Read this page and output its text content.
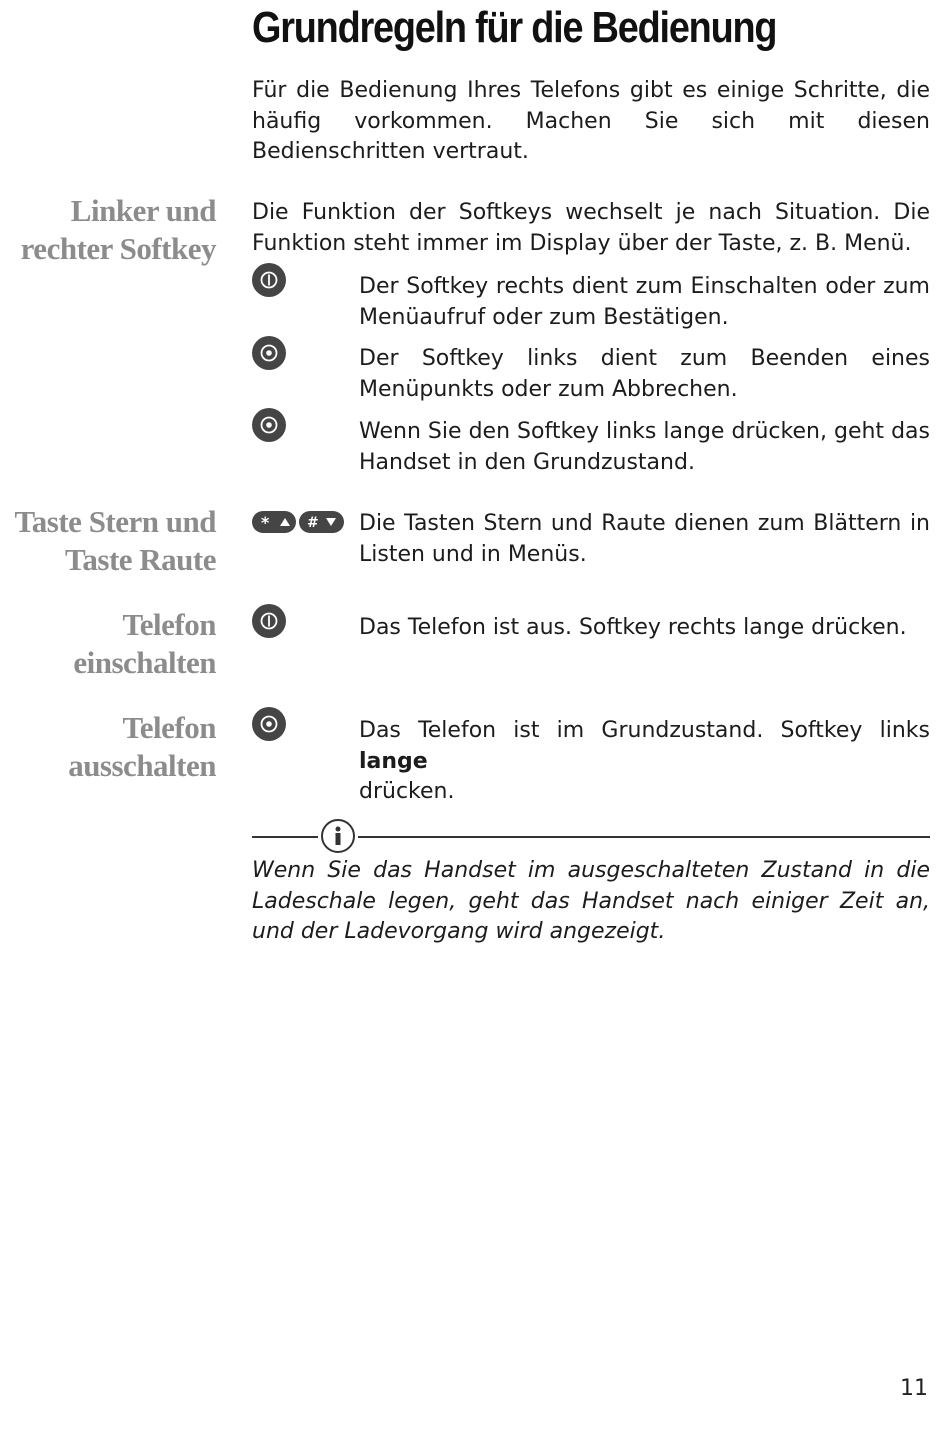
Grundregeln für die Bedienung
Für die Bedienung Ihres Telefons gibt es einige Schritte, die häufig vorkommen. Machen Sie sich mit diesen Bedienschritten vertraut.
Linker und
rechter Softkey
Die Funktion der Softkeys wechselt je nach Situation. Die Funktion steht immer im Display über der Taste, z. B. Menü.
Der Softkey rechts dient zum Einschalten oder zum Menüaufruf oder zum Bestätigen.
Der Softkey links dient zum Beenden eines Menüpunkts oder zum Abbrechen.
Wenn Sie den Softkey links lange drücken, geht das Handset in den Grundzustand.
Taste Stern und
Taste Raute
*	# Die Tasten Stern und Raute dienen zum Blättern in Listen und in Menüs.
Telefon
einschalten
Das Telefon ist aus. Softkey rechts lange drücken.
Telefon
ausschalten
Das Telefon ist im Grundzustand. Softkey links lange
drücken.
Wenn Sie das Handset im ausgeschalteten Zustand in die Ladeschale legen, geht das Handset nach einiger Zeit an, und der Ladevorgang wird angezeigt.
11
